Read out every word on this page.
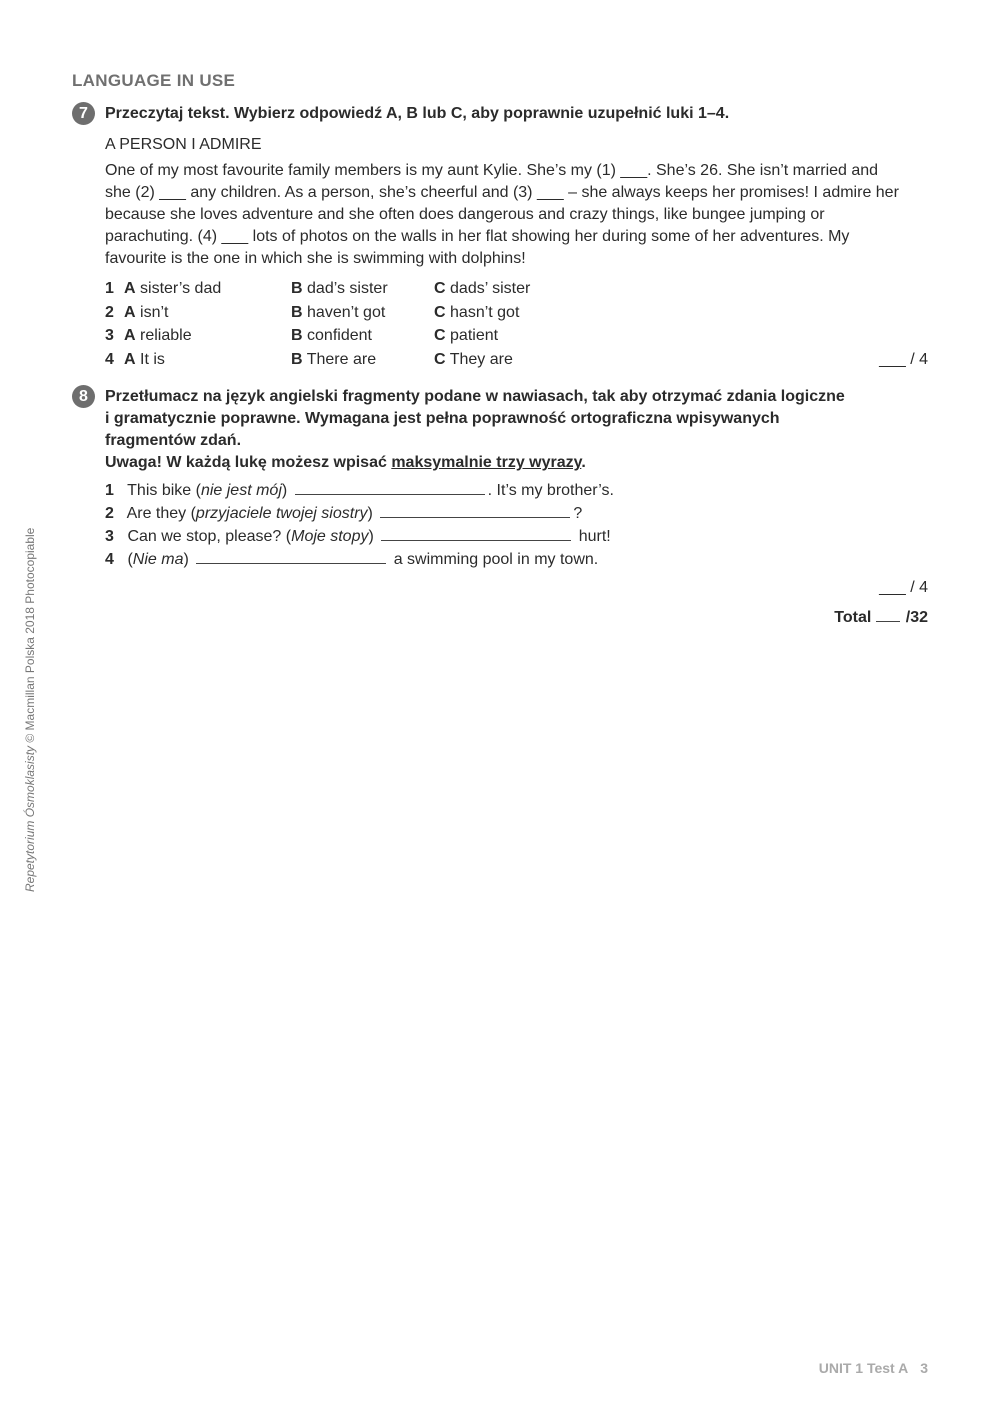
LANGUAGE IN USE
7	Przeczytaj tekst. Wybierz odpowiedź A, B lub C, aby poprawnie uzupełnić luki 1–4.
A PERSON I ADMIRE
One of my most favourite family members is my aunt Kylie. She’s my (1) ___. She’s 26. She isn’t married and she (2) ___ any children. As a person, she’s cheerful and (3) ___ – she always keeps her promises! I admire her because she loves adventure and she often does dangerous and crazy things, like bungee jumping or parachuting. (4) ___ lots of photos on the walls in her flat showing her during some of her adventures. My favourite is the one in which she is swimming with dolphins!
1 A sister’s dad	B dad’s sister	C dads’ sister
2 A isn’t	B haven’t got	C hasn’t got
3 A reliable	B confident	C patient
4 A It is	B There are	C They are	___ / 4
8	Przetłumacz na język angielski fragmenty podane w nawiasach, tak aby otrzymać zdania logiczne
i gramatycznie poprawne. Wymagana jest pełna poprawność ortograficzna wpisywanych
fragmentów zdań.
Uwaga! W każdą lukę możesz wpisać maksymalnie trzy wyrazy.
1 This bike (nie jest mój)	. It’s my brother’s.
2 Are they (przyjaciele twojej siostry)	?
3 Can we stop, please? (Moje stopy)	hurt!
4 (Nie ma)	a swimming pool in my town.
___ / 4
Total /32
Repetytorium Ósmoklasisty © Macmillan Polska 2018 Photocopiable
UNIT 1 Test A 3
